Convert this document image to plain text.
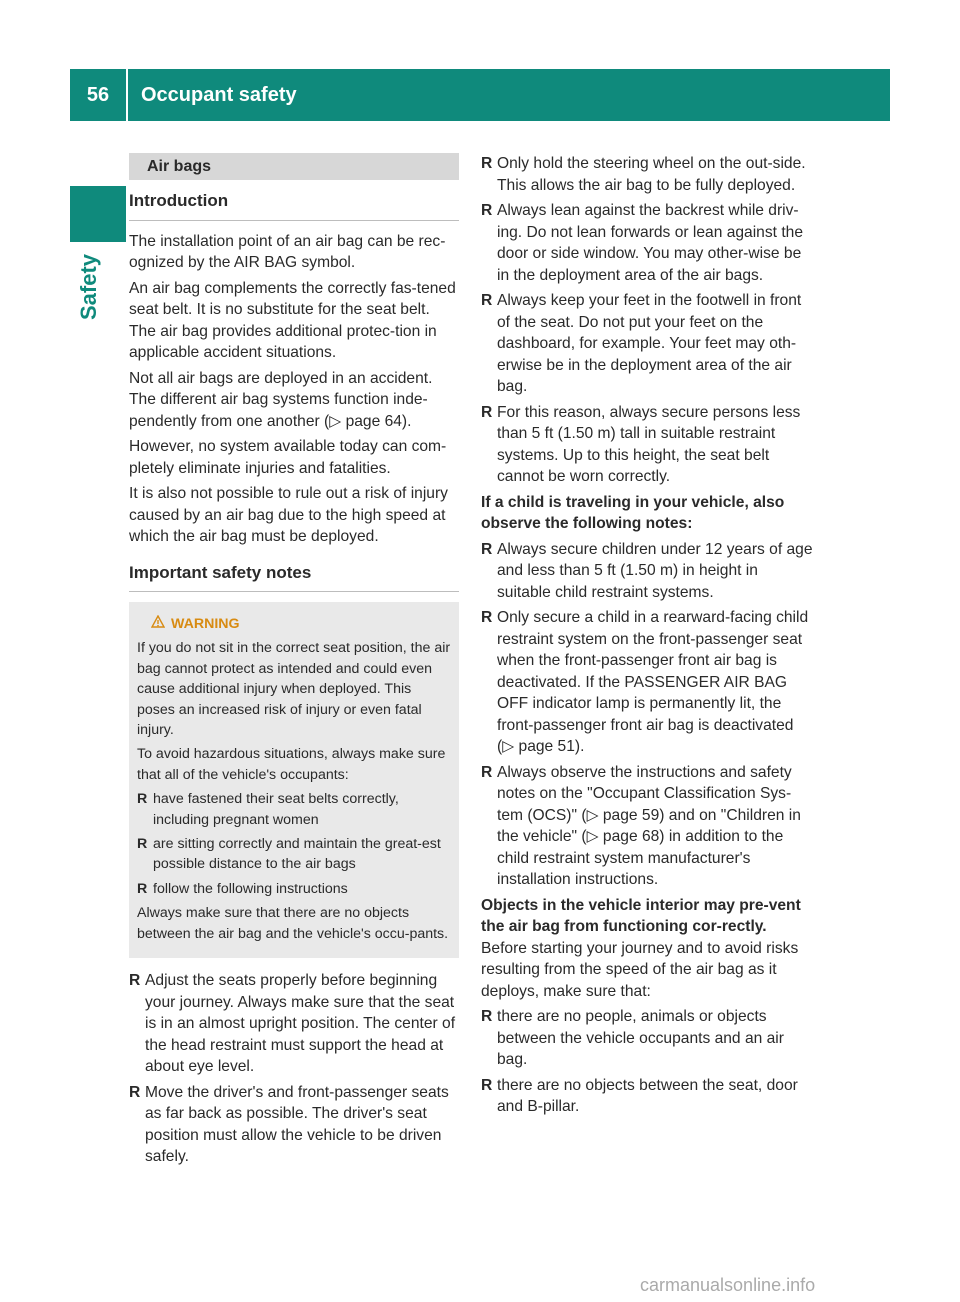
56	Occupant safety
Safety
Air bags
Introduction

The installation point of an air bag can be rec-ognized by the AIR BAG symbol.

An air bag complements the correctly fas-tened seat belt. It is no substitute for the seat belt. The air bag provides additional protec-tion in applicable accident situations.

Not all air bags are deployed in an accident. The different air bag systems function inde-pendently from one another (▷ page 64).

However, no system available today can com-pletely eliminate injuries and fatalities.

It is also not possible to rule out a risk of injury caused by an air bag due to the high speed at which the air bag must be deployed.

Important safety notes
WARNING

If you do not sit in the correct seat position, the air bag cannot protect as intended and could even cause additional injury when deployed. This poses an increased risk of injury or even fatal injury.

To avoid hazardous situations, always make sure that all of the vehicle's occupants:

R have fastened their seat belts correctly, including pregnant women
R are sitting correctly and maintain the great-est possible distance to the air bags
R follow the following instructions

Always make sure that there are no objects between the air bag and the vehicle's occu-pants.

R Adjust the seats properly before beginning your journey. Always make sure that the seat is in an almost upright position. The center of the head restraint must support the head at about eye level.
R Move the driver's and front-passenger seats as far back as possible. The driver's seat position must allow the vehicle to be driven safely.
R Only hold the steering wheel on the out-side. This allows the air bag to be fully deployed.
R Always lean against the backrest while driv-ing. Do not lean forwards or lean against the door or side window. You may other-wise be in the deployment area of the air bags.
R Always keep your feet in the footwell in front of the seat. Do not put your feet on the dashboard, for example. Your feet may oth-erwise be in the deployment area of the air bag.
R For this reason, always secure persons less than 5 ft (1.50 m) tall in suitable restraint systems. Up to this height, the seat belt cannot be worn correctly.

If a child is traveling in your vehicle, also observe the following notes:

R Always secure children under 12 years of age and less than 5 ft (1.50 m) in height in suitable child restraint systems.
R Only secure a child in a rearward-facing child restraint system on the front-passenger seat when the front-passenger front air bag is deactivated. If the PASSENGER AIR BAG OFF indicator lamp is permanently lit, the front-passenger front air bag is deactivated (▷ page 51).
R Always observe the instructions and safety notes on the "Occupant Classification Sys-tem (OCS)" (▷ page 59) and on "Children in the vehicle" (▷ page 68) in addition to the child restraint system manufacturer's installation instructions.

Objects in the vehicle interior may pre-vent the air bag from functioning cor-rectly. Before starting your journey and to avoid risks resulting from the speed of the air bag as it deploys, make sure that:

R there are no people, animals or objects between the vehicle occupants and an air bag.
R there are no objects between the seat, door and B-pillar.
carmanualsonline.info
